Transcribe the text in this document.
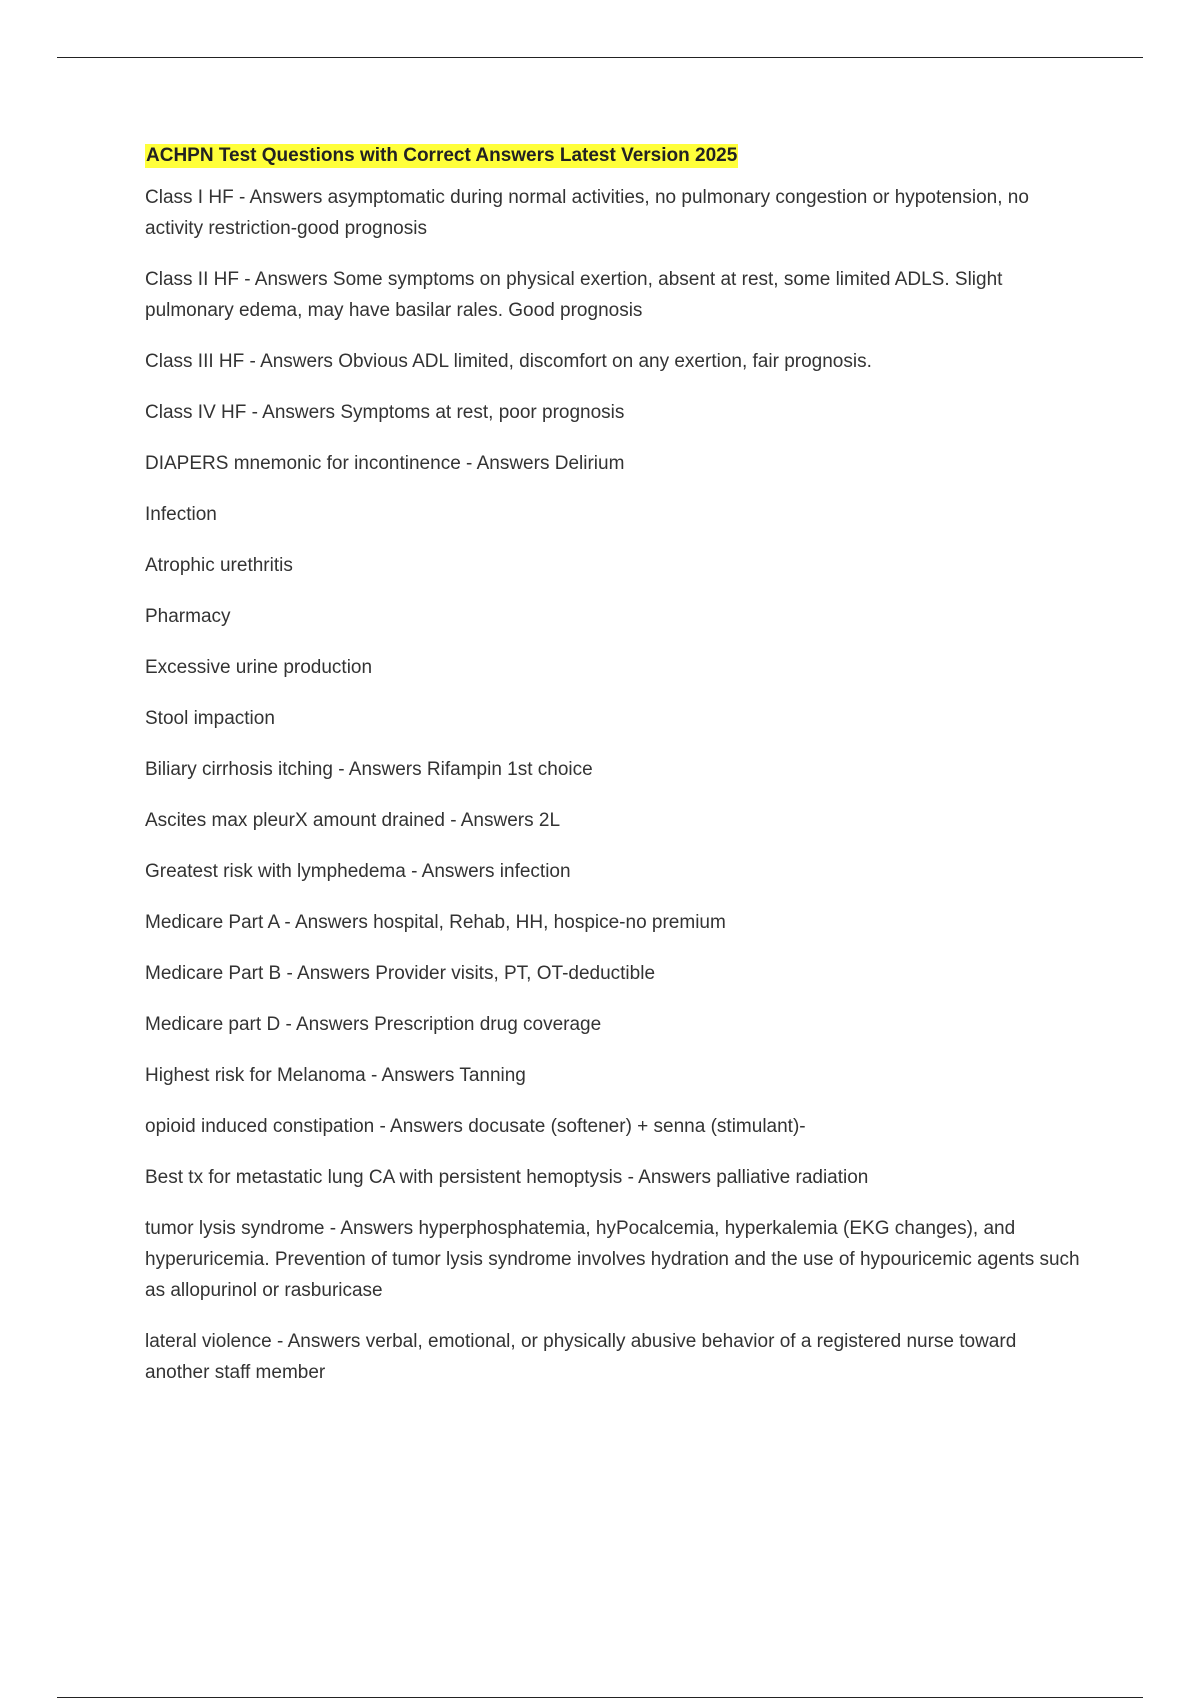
ACHPN Test Questions with Correct Answers Latest Version 2025
Class I HF - Answers asymptomatic during normal activities, no pulmonary congestion or hypotension, no activity restriction-good prognosis
Class II HF - Answers Some symptoms on physical exertion, absent at rest, some limited ADLS. Slight pulmonary edema, may have basilar rales. Good prognosis
Class III HF - Answers Obvious ADL limited, discomfort on any exertion, fair prognosis.
Class IV HF - Answers Symptoms at rest, poor prognosis
DIAPERS mnemonic for incontinence - Answers Delirium
Infection
Atrophic urethritis
Pharmacy
Excessive urine production
Stool impaction
Biliary cirrhosis itching - Answers Rifampin 1st choice
Ascites max pleurX amount drained - Answers 2L
Greatest risk with lymphedema - Answers infection
Medicare Part A - Answers hospital, Rehab, HH, hospice-no premium
Medicare Part B - Answers Provider visits, PT, OT-deductible
Medicare part D - Answers Prescription drug coverage
Highest risk for Melanoma - Answers Tanning
opioid induced constipation - Answers docusate (softener) + senna (stimulant)-
Best tx for metastatic lung CA with persistent hemoptysis - Answers palliative radiation
tumor lysis syndrome - Answers hyperphosphatemia, hyPocalcemia, hyperkalemia (EKG changes), and hyperuricemia. Prevention of tumor lysis syndrome involves hydration and the use of hypouricemic agents such as allopurinol or rasburicase
lateral violence - Answers verbal, emotional, or physically abusive behavior of a registered nurse toward another staff member
